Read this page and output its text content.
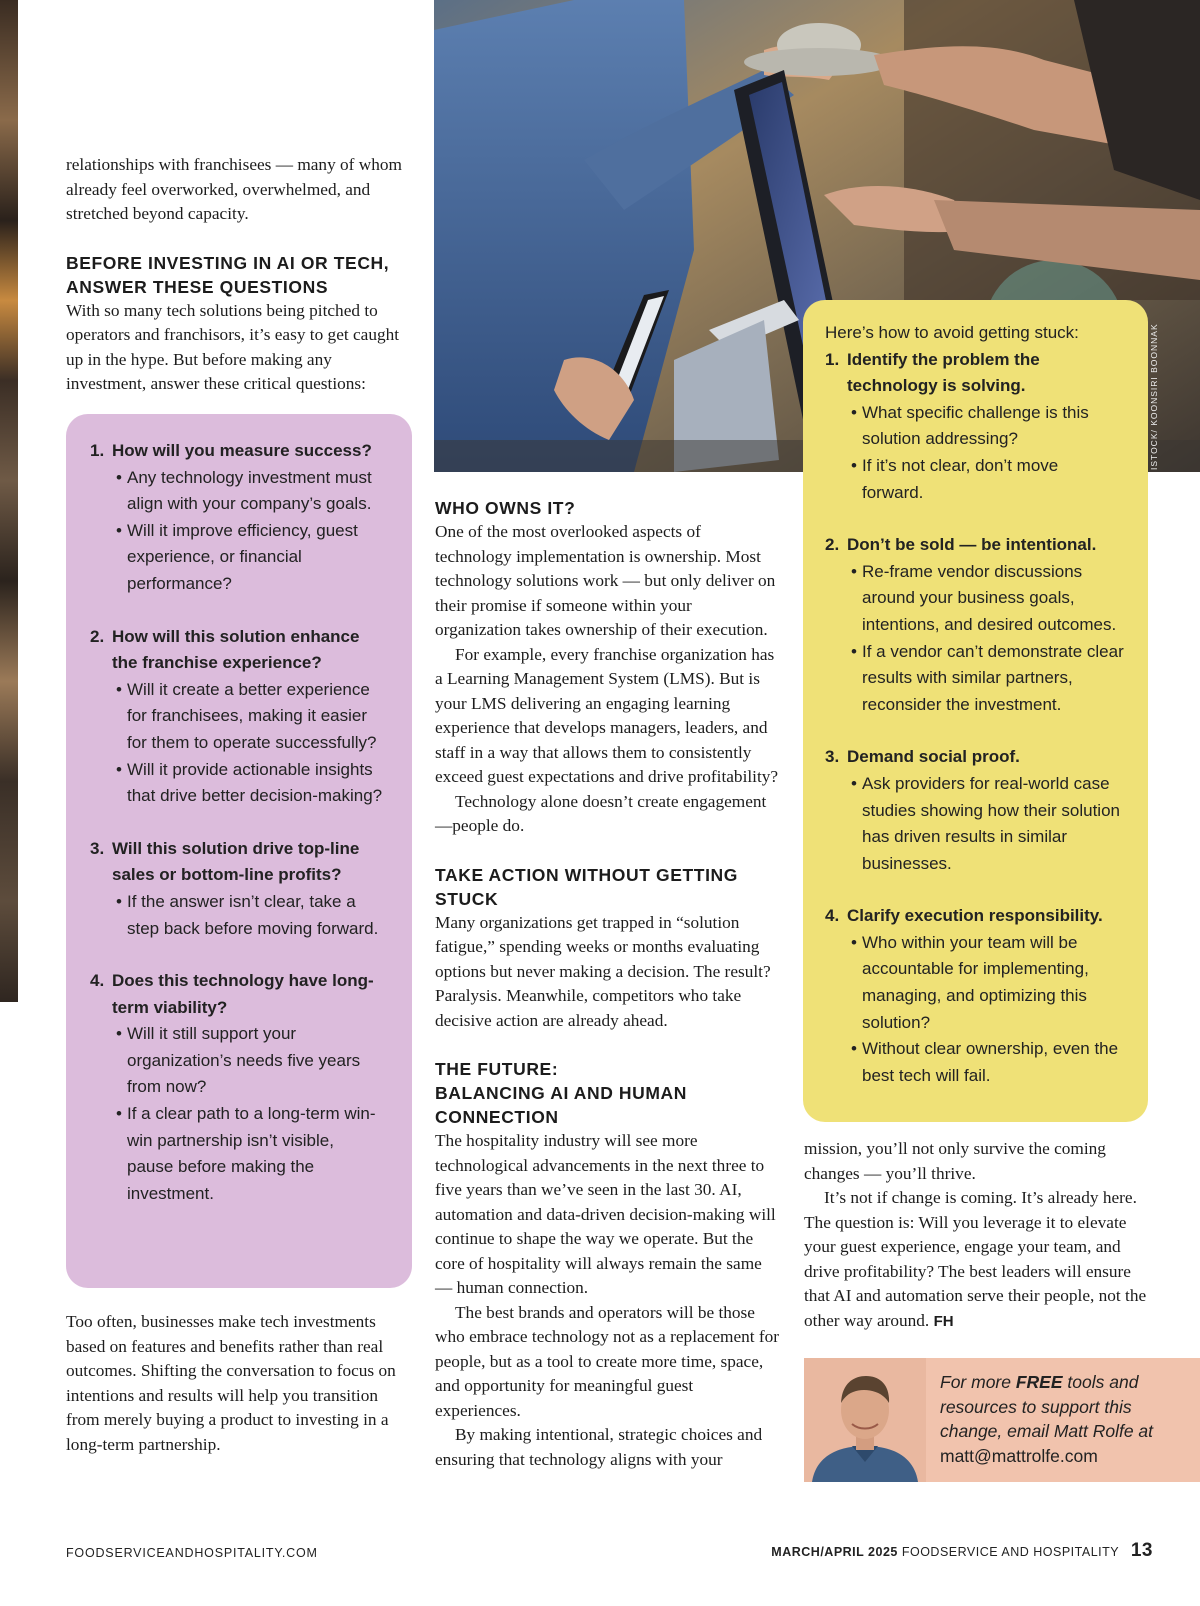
ISTOCK/ KOONSIRI BOONNAK

relationships with franchisees — many of whom already feel overworked, overwhelmed, and stretched beyond capacity.

BEFORE INVESTING IN AI OR TECH,
ANSWER THESE QUESTIONS

With so many tech solutions being pitched to operators and franchisors, it’s easy to get caught up in the hype. But before making any investment, answer these critical questions:

1. How will you measure success?
• Any technology investment must align with your company’s goals.
• Will it improve efficiency, guest experience, or financial performance?
2. How will this solution enhance the franchise experience?
• Will it create a better experience for franchisees, making it easier for them to operate successfully?
• Will it provide actionable insights that drive better decision-making?
3. Will this solution drive top-line sales or bottom-line profits?
• If the answer isn’t clear, take a step back before moving forward.
4. Does this technology have long-term viability?
• Will it still support your organization’s needs five years from now?
• If a clear path to a long-term win-win partnership isn’t visible, pause before making the investment.

Too often, businesses make tech investments based on features and benefits rather than real outcomes. Shifting the conversation to focus on intentions and results will help you transition from merely buying a product to investing in a long-term partnership.

WHO OWNS IT?

One of the most overlooked aspects of technology implementation is ownership. Most technology solutions work — but only deliver on their promise if someone within your organization takes ownership of their execution.

For example, every franchise organization has a Learning Management System (LMS). But is your LMS delivering an engaging learning experience that develops managers, leaders, and staff in a way that allows them to consistently exceed guest expectations and drive profitability?

Technology alone doesn’t create engagement—people do.

TAKE ACTION WITHOUT GETTING STUCK

Many organizations get trapped in “solution fatigue,” spending weeks or months evaluating options but never making a decision. The result? Paralysis. Meanwhile, competitors who take decisive action are already ahead.

THE FUTURE:
BALANCING AI AND HUMAN CONNECTION

The hospitality industry will see more technological advancements in the next three to five years than we’ve seen in the last 30. AI, automation and data-driven decision-making will continue to shape the way we operate. But the core of hospitality will always remain the same — human connection.

The best brands and operators will be those who embrace technology not as a replacement for people, but as a tool to create more time, space, and opportunity for meaningful guest experiences.

By making intentional, strategic choices and ensuring that technology aligns with your

Here’s how to avoid getting stuck:
1. Identify the problem the technology is solving.
• What specific challenge is this solution addressing?
• If it’s not clear, don’t move forward.
2. Don’t be sold — be intentional.
• Re-frame vendor discussions around your business goals, intentions, and desired outcomes.
• If a vendor can’t demonstrate clear results with similar partners, reconsider the investment.
3. Demand social proof.
• Ask providers for real-world case studies showing how their solution has driven results in similar businesses.
4. Clarify execution responsibility.
• Who within your team will be accountable for implementing, managing, and optimizing this solution?
• Without clear ownership, even the best tech will fail.

mission, you’ll not only survive the coming changes — you’ll thrive.

It’s not if change is coming. It’s already here. The question is: Will you leverage it to elevate your guest experience, engage your team, and drive profitability? The best leaders will ensure that AI and automation serve their people, not the other way around. FH

For more FREE tools and resources to support this change, email Matt Rolfe at matt@mattrolfe.com
FOODSERVICEANDHOSPITALITY.COM	MARCH/APRIL 2025 FOODSERVICE AND HOSPITALITY 13
